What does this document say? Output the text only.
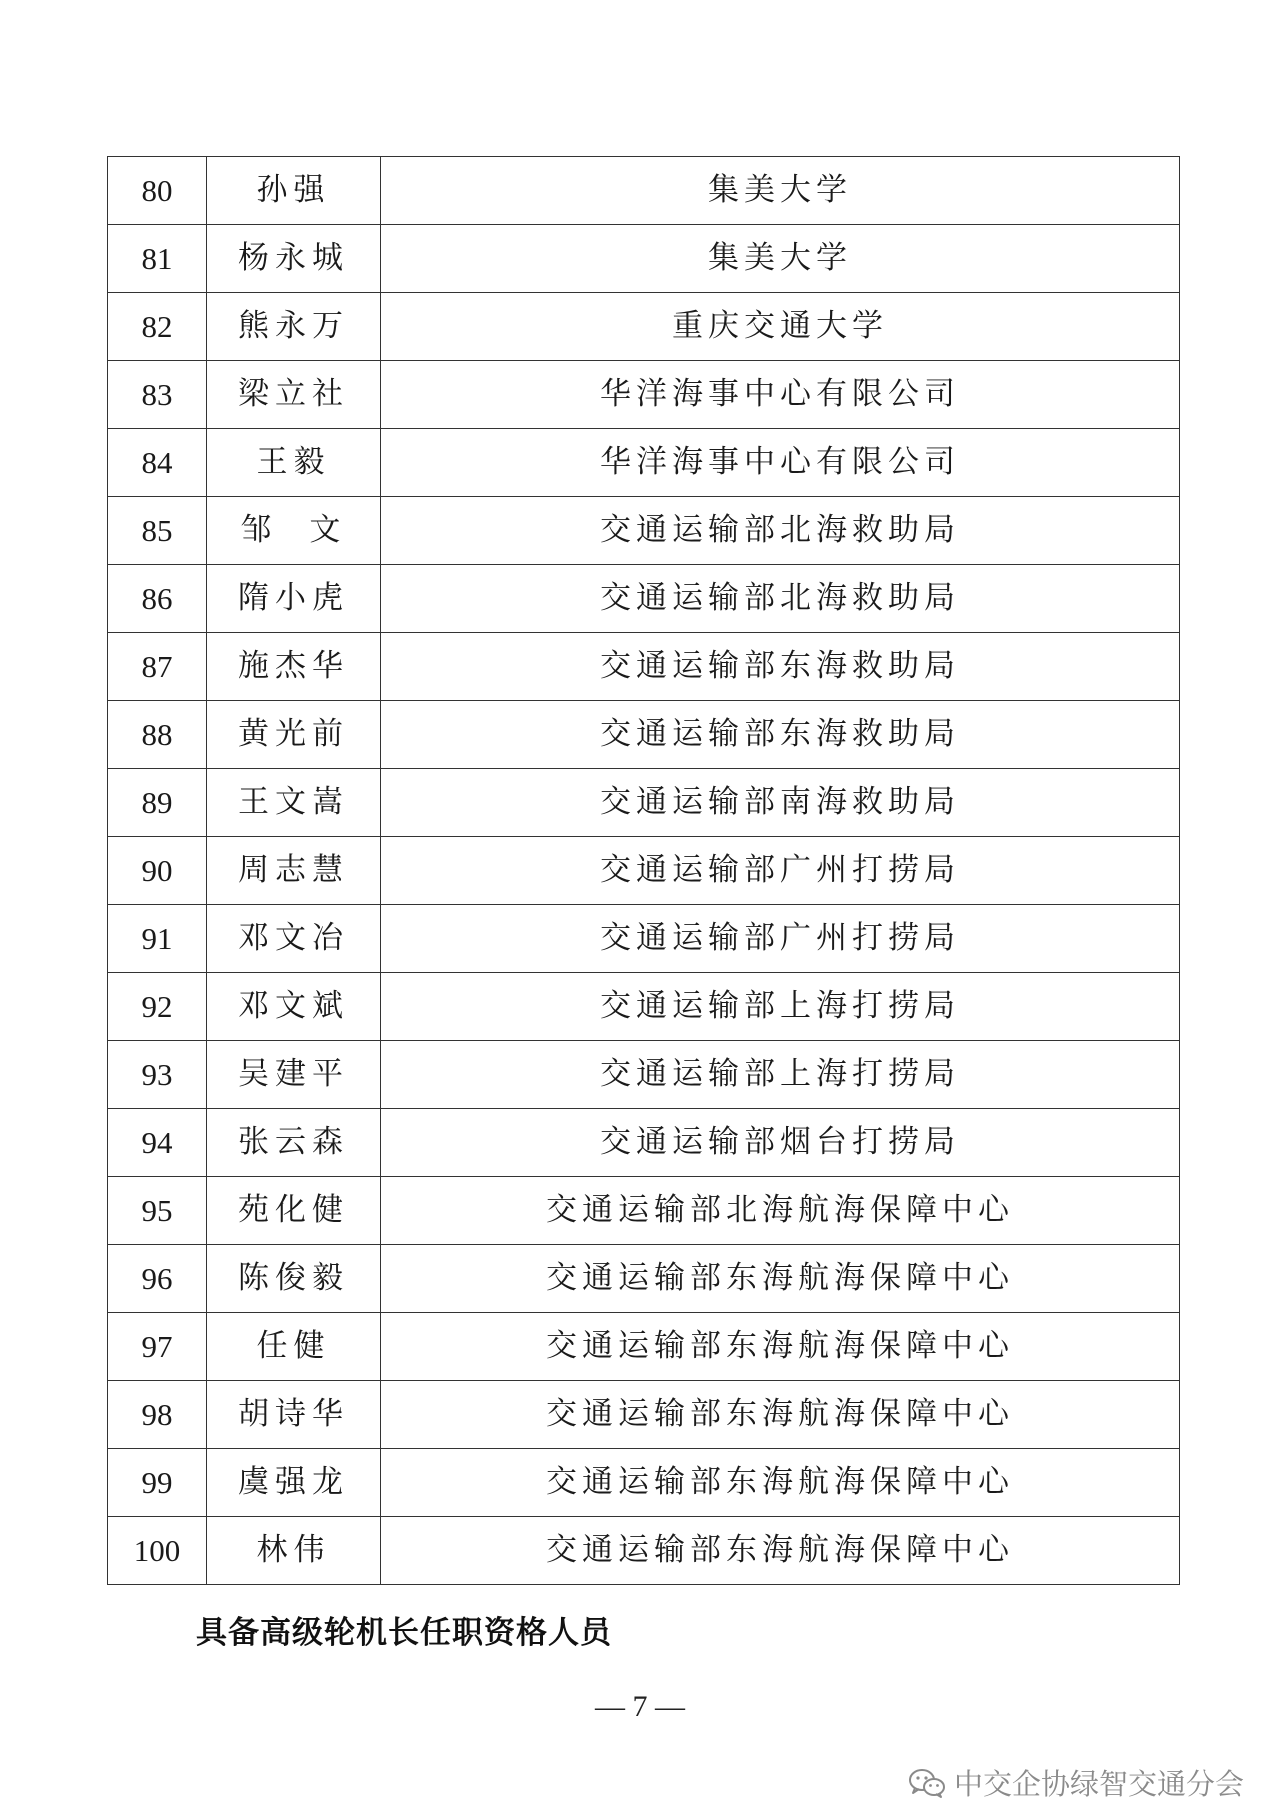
80	孙强	集美大学
81	杨永城	集美大学
82	熊永万	重庆交通大学
83	梁立社	华洋海事中心有限公司
84	王毅	华洋海事中心有限公司
85	邹  文	交通运输部北海救助局
86	隋小虎	交通运输部北海救助局
87	施杰华	交通运输部东海救助局
88	黄光前	交通运输部东海救助局
89	王文嵩	交通运输部南海救助局
90	周志慧	交通运输部广州打捞局
91	邓文冶	交通运输部广州打捞局
92	邓文斌	交通运输部上海打捞局
93	吴建平	交通运输部上海打捞局
94	张云森	交通运输部烟台打捞局
95	苑化健	交通运输部北海航海保障中心
96	陈俊毅	交通运输部东海航海保障中心
97	任健	交通运输部东海航海保障中心
98	胡诗华	交通运输部东海航海保障中心
99	虞强龙	交通运输部东海航海保障中心
100	林伟	交通运输部东海航海保障中心
具备高级轮机长任职资格人员
— 7 —
中交企协绿智交通分会
